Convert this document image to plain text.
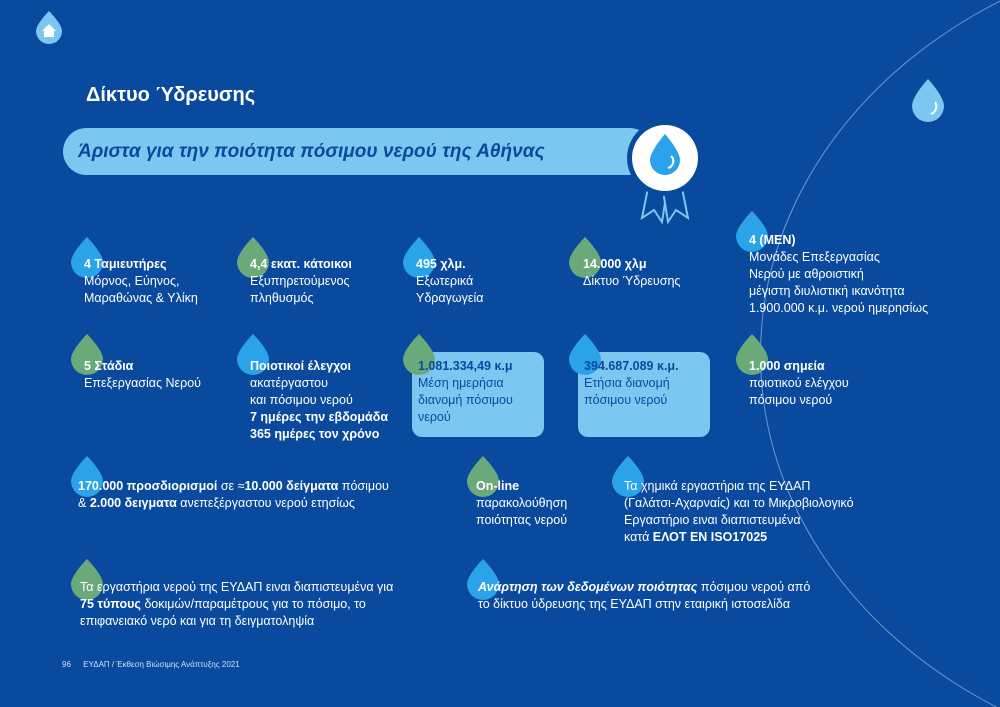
Δίκτυο Ύδρευσης
Άριστα για την ποιότητα πόσιμου νερού της Αθήνας
4 Ταμιευτήρες
Μόρνος, Εύηνος,
Μαραθώνας & Υλίκη
4,4 εκατ. κάτοικοι
Εξυπηρετούμενος
πληθυσμός
495 χλμ.
Εξωτερικά
Υδραγωγεία
14.000 χλμ
Δίκτυο Ύδρευσης
4 (ΜΕΝ)
Μονάδες Επεξεργασίας
Νερού με αθροιστική
μέγιστη διυλιστική ικανότητα
1.900.000 κ.μ. νερού ημερησίως
5 Στάδια
Επεξεργασίας Νερού
Ποιοτικοί έλεγχοι
ακατέργαστου
και πόσιμου νερού
7 ημέρες την εβδομάδα
365 ημέρες τον χρόνο
1.081.334,49 κ.μ
Μέση ημερήσια
διανομή πόσιμου
νερού
394.687.089 κ.μ.
Ετήσια διανομή
πόσιμου νερού
1.000 σημεία
ποιοτικού ελέγχου
πόσιμου νερού
170.000 προσδιορισμοί σε ≈10.000 δείγματα πόσιμου
& 2.000 δειγματα ανεπεξέργαστου νερού ετησίως
On-line
παρακολούθηση
ποιότητας νερού
Τα χημικά εργαστήρια της ΕΥΔΑΠ
(Γαλάτσι-Αχαρναίς) και το Μικροβιολογικό
Εργαστήριο ειναι διαπιστευμένα
κατά ΕΛΟΤ ΕΝ ISO17025
Τα εργαστήρια νερού της ΕΥΔΑΠ ειναι διαπιστευμένα για
75 τύπους δοκιμών/παραμέτρους για το πόσιμο, το
επιφανειακό νερό και για τη δειγματοληψία
Ανάρτηση των δεδομένων ποιότητας πόσιμου νερού από
το δίκτυο ύδρευσης της ΕΥΔΑΠ στην εταιρική ιστοσελίδα
96 ΕΥΔΑΠ / Έκθεση Βιώσιμης Ανάπτυξης 2021
